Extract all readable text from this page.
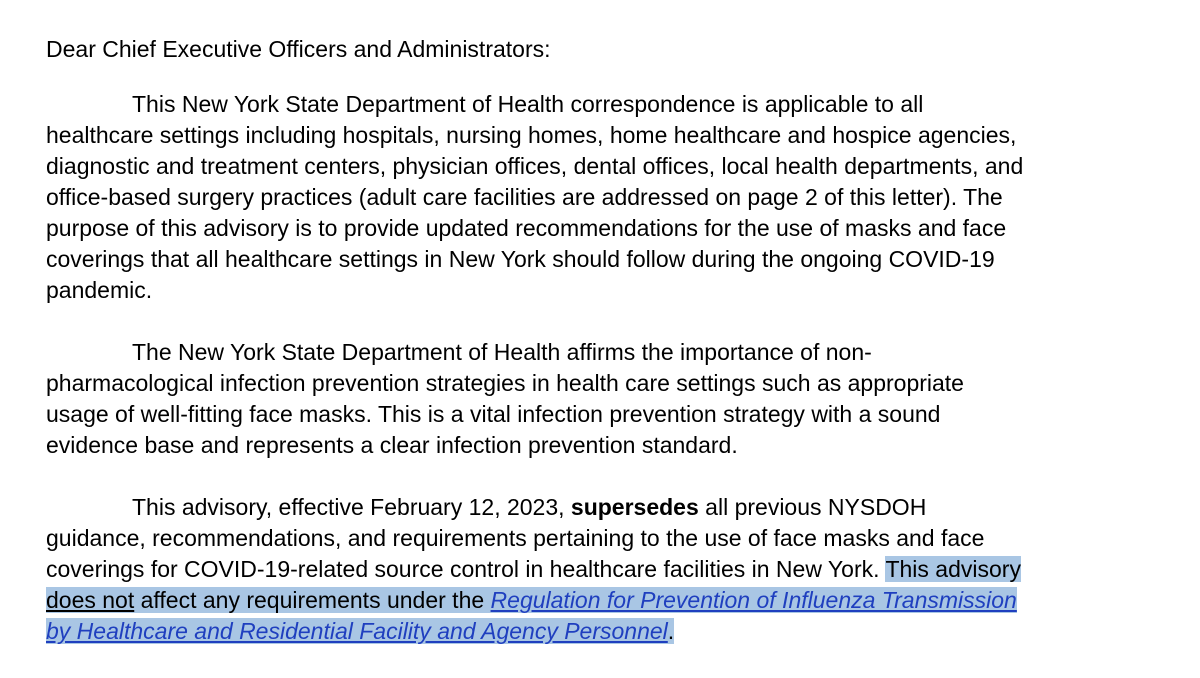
Dear Chief Executive Officers and Administrators:
This New York State Department of Health correspondence is applicable to all
healthcare settings including hospitals, nursing homes, home healthcare and hospice agencies,
diagnostic and treatment centers, physician offices, dental offices, local health departments, and
office-based surgery practices (adult care facilities are addressed on page 2 of this letter). The
purpose of this advisory is to provide updated recommendations for the use of masks and face
coverings that all healthcare settings in New York should follow during the ongoing COVID-19
pandemic.
The New York State Department of Health affirms the importance of non-
pharmacological infection prevention strategies in health care settings such as appropriate
usage of well-fitting face masks. This is a vital infection prevention strategy with a sound
evidence base and represents a clear infection prevention standard.
This advisory, effective February 12, 2023, supersedes all previous NYSDOH
guidance, recommendations, and requirements pertaining to the use of face masks and face
coverings for COVID-19-related source control in healthcare facilities in New York. This advisory
does not affect any requirements under the Regulation for Prevention of Influenza Transmission
by Healthcare and Residential Facility and Agency Personnel.
